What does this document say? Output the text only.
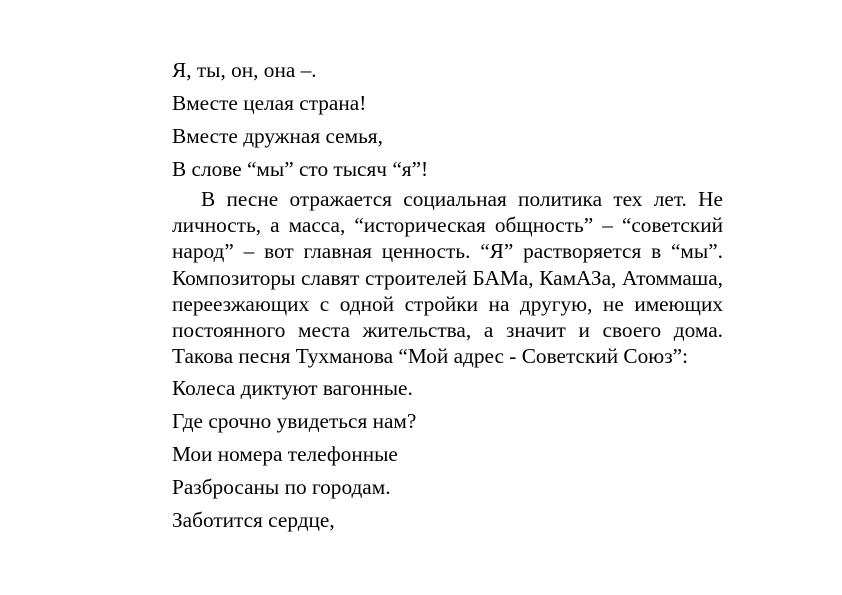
Я, ты, он, она –.

Вместе целая страна!

Вместе дружная семья,

В слове “мы” сто тысяч “я”!

В песне отражается социальная политика тех лет. Не
личность, а масса, “историческая общность” – “советский
народ” – вот главная ценность. “Я” растворяется в “мы”.
Композиторы славят строителей БАМа, КамАЗа, Атоммаша,
переезжающих с одной стройки на другую, не имеющих
постоянного места жительства, а значит и своего дома.
Такова песня Тухманова “Мой адрес - Советский Союз”:

Колеса диктуют вагонные.

Где срочно увидеться нам?

Мои номера телефонные

Разбросаны по городам.

Заботится сердце,
